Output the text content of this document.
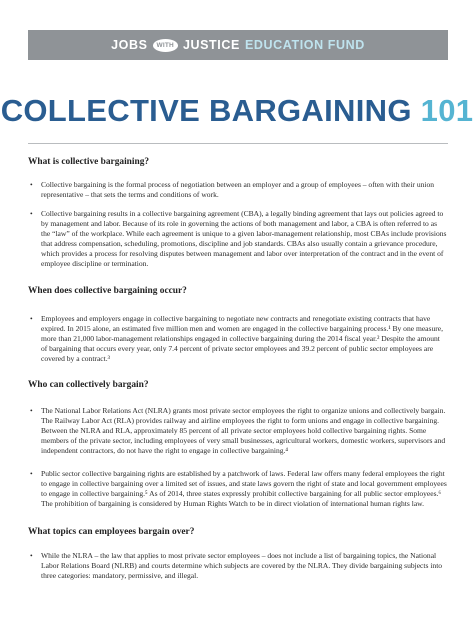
JOBS	WITH JUSTICE EDUCATION FUND
COLLECTIVE BARGAINING 101
What is collective bargaining?
• Collective bargaining is the formal process of negotiation between an employer and a group of employees – often with their union representative – that sets the terms and conditions of work.
• Collective bargaining results in a collective bargaining agreement (CBA), a legally binding agreement that lays out policies agreed to by management and labor. Because of its role in governing the actions of both management and labor, a CBA is often referred to as the “law” of the workplace. While each agreement is unique to a given labor-management relationship, most CBAs include provisions that address compensation, scheduling, promotions, discipline and job standards. CBAs also usually contain a grievance procedure, which provides a process for resolving disputes between management and labor over interpretation of the contract and in the event of employee discipline or termination.
When does collective bargaining occur?
• Employees and employers engage in collective bargaining to negotiate new contracts and renegotiate existing contracts that have expired. In 2015 alone, an estimated five million men and women are engaged in the collective bargaining process.¹ By one measure, more than 21,000 labor-management relationships engaged in collective bargaining during the 2014 fiscal year.² Despite the amount of bargaining that occurs every year, only 7.4 percent of private sector employees and 39.2 percent of public sector employees are covered by a contract.³
Who can collectively bargain?
• The National Labor Relations Act (NLRA) grants most private sector employees the right to organize unions and collectively bargain. The Railway Labor Act (RLA) provides railway and airline employees the right to form unions and engage in collective bargaining. Between the NLRA and RLA, approximately 85 percent of all private sector employees hold collective bargaining rights. Some members of the private sector, including employees of very small businesses, agricultural workers, domestic workers, supervisors and independent contractors, do not have the right to engage in collective bargaining.⁴
• Public sector collective bargaining rights are established by a patchwork of laws. Federal law offers many federal employees the right to engage in collective bargaining over a limited set of issues, and state laws govern the right of state and local government employees to engage in collective bargaining.⁵ As of 2014, three states expressly prohibit collective bargaining for all public sector employees.⁶ The prohibition of bargaining is considered by Human Rights Watch to be in direct violation of international human rights law.
What topics can employees bargain over?
• While the NLRA – the law that applies to most private sector employees – does not include a list of bargaining topics, the National Labor Relations Board (NLRB) and courts determine which subjects are covered by the NLRA. They divide bargaining subjects into three categories: mandatory, permissive, and illegal.
